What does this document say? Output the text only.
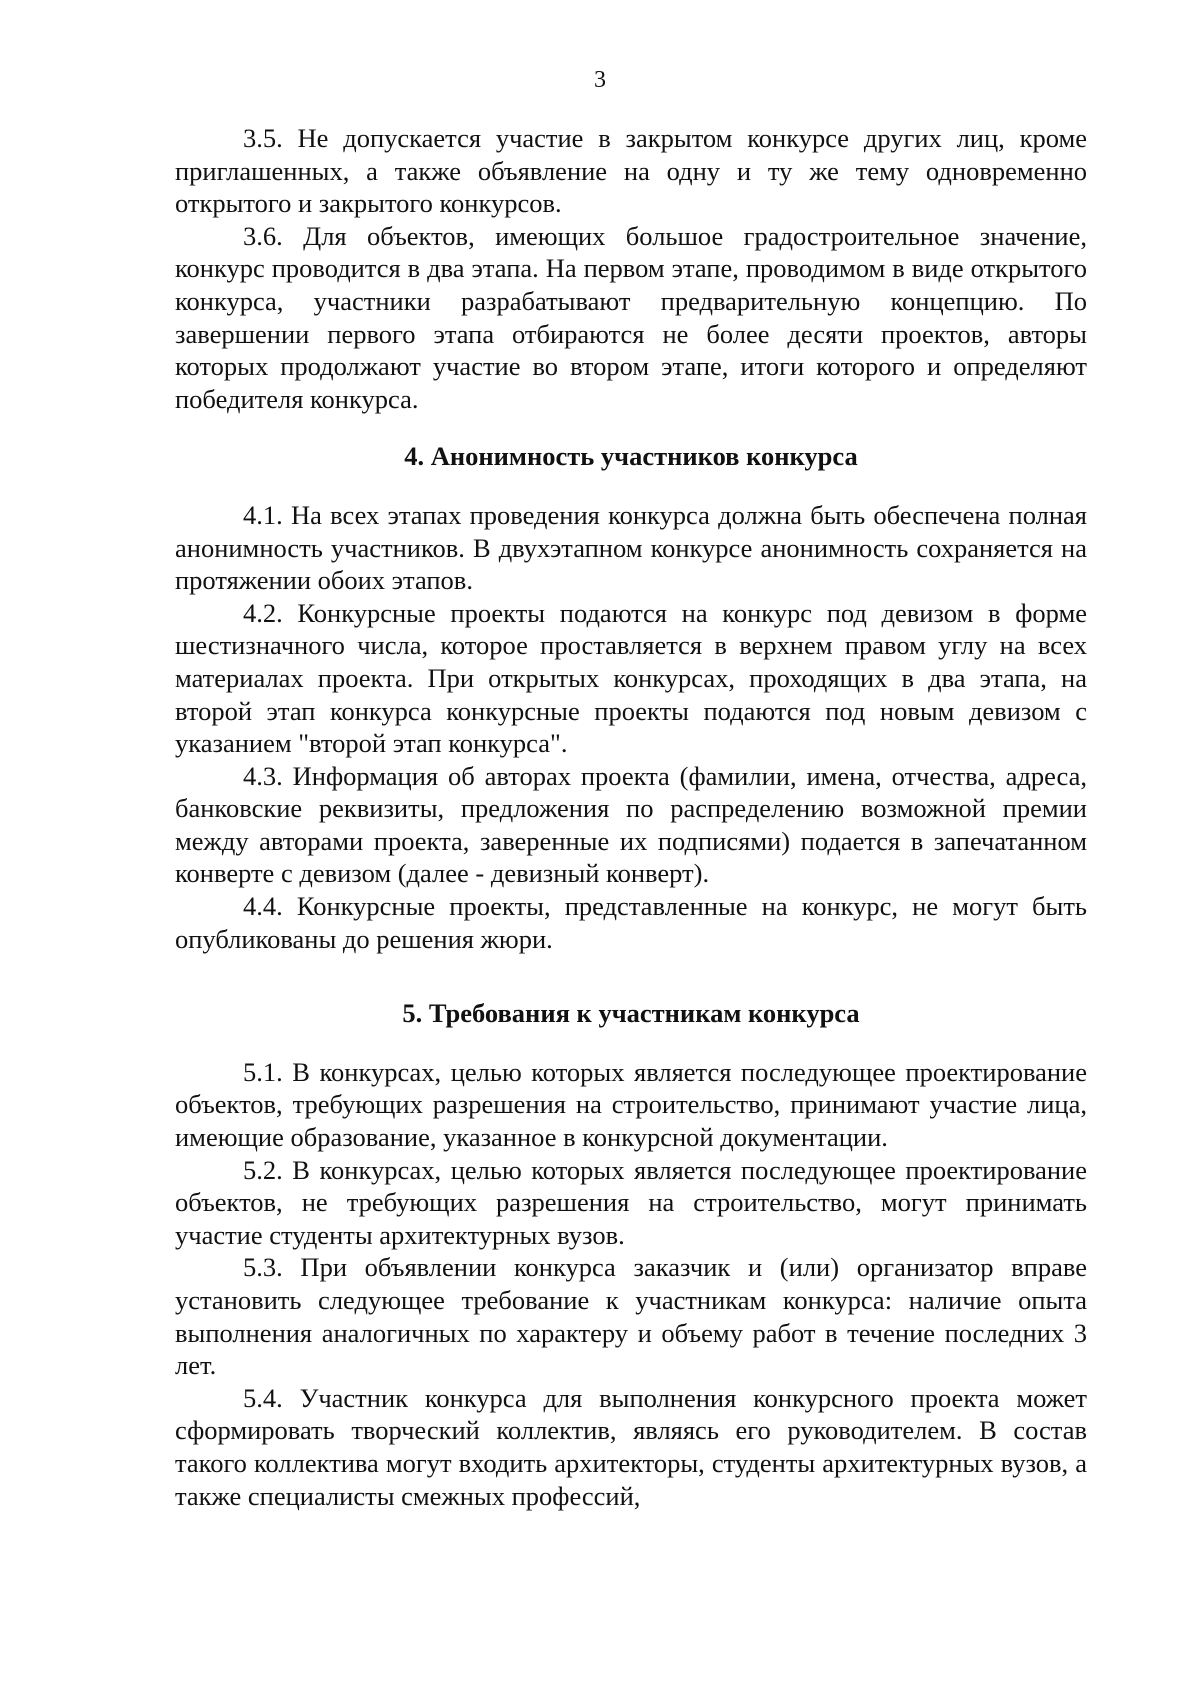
3

3.5. Не допускается участие в закрытом конкурсе других лиц, кроме приглашенных, а также объявление на одну и ту же тему одновременно открытого и закрытого конкурсов.

3.6. Для объектов, имеющих большое градостроительное значение, конкурс проводится в два этапа. На первом этапе, проводимом в виде открытого конкурса, участники разрабатывают предварительную концепцию. По завершении первого этапа отбираются не более десяти проектов, авторы которых продолжают участие во втором этапе, итоги которого и определяют победителя конкурса.

4. Анонимность участников конкурса

4.1. На всех этапах проведения конкурса должна быть обеспечена полная анонимность участников. В двухэтапном конкурсе анонимность сохраняется на протяжении обоих этапов.

4.2. Конкурсные проекты подаются на конкурс под девизом в форме шестизначного числа, которое проставляется в верхнем правом углу на всех материалах проекта. При открытых конкурсах, проходящих в два этапа, на второй этап конкурса конкурсные проекты подаются под новым девизом с указанием "второй этап конкурса".

4.3. Информация об авторах проекта (фамилии, имена, отчества, адреса, банковские реквизиты, предложения по распределению возможной премии между авторами проекта, заверенные их подписями) подается в запечатанном конверте с девизом (далее - девизный конверт).

4.4. Конкурсные проекты, представленные на конкурс, не могут быть опубликованы до решения жюри.

5. Требования к участникам конкурса

5.1. В конкурсах, целью которых является последующее проектирование объектов, требующих разрешения на строительство, принимают участие лица, имеющие образование, указанное в конкурсной документации.

5.2. В конкурсах, целью которых является последующее проектирование объектов, не требующих разрешения на строительство, могут принимать участие студенты архитектурных вузов.

5.3. При объявлении конкурса заказчик и (или) организатор вправе установить следующее требование к участникам конкурса: наличие опыта выполнения аналогичных по характеру и объему работ в течение последних 3 лет.

5.4. Участник конкурса для выполнения конкурсного проекта может сформировать творческий коллектив, являясь его руководителем. В состав такого коллектива могут входить архитекторы, студенты архитектурных вузов, а также специалисты смежных профессий,
